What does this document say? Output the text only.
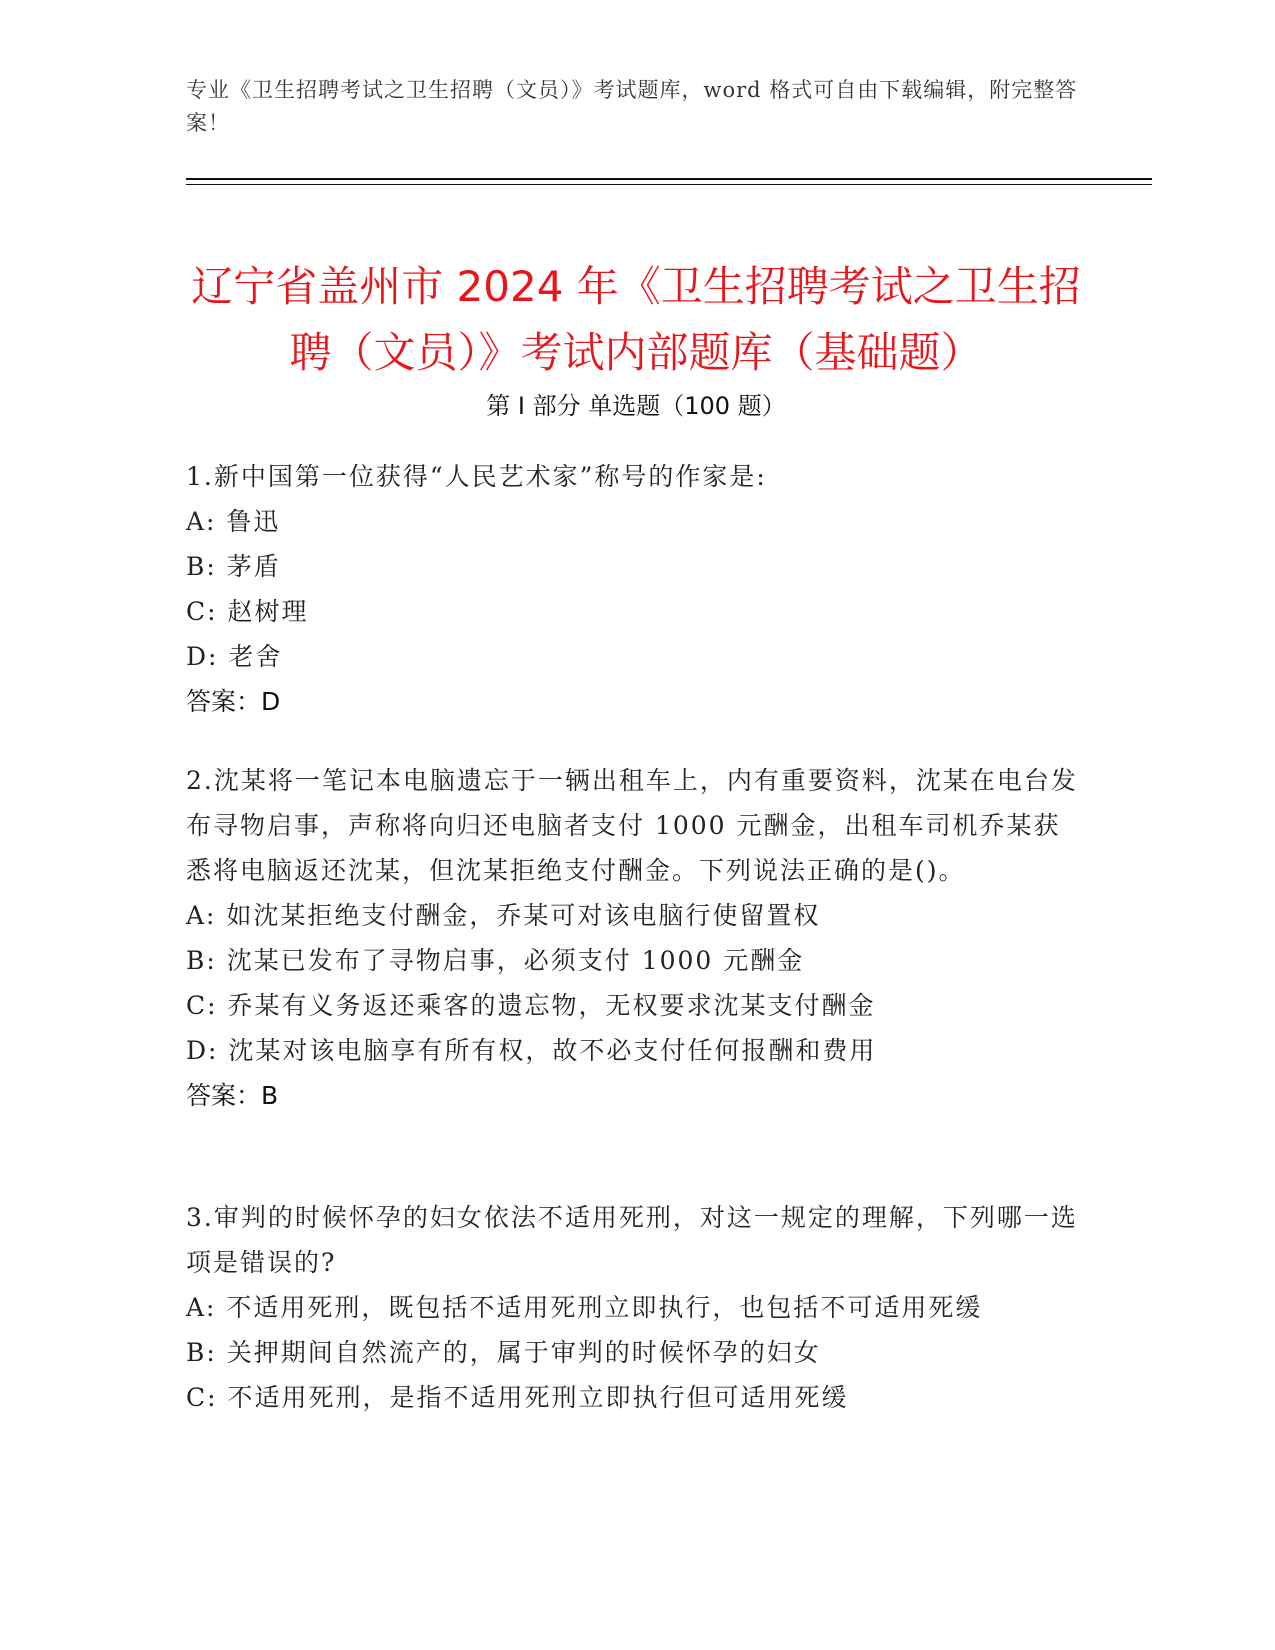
专业《卫生招聘考试之卫生招聘（文员）》考试题库，word 格式可自由下载编辑，附完整答案！
辽宁省盖州市 2024 年《卫生招聘考试之卫生招聘（文员）》考试内部题库（基础题）
第 I 部分 单选题（100 题）

1.新中国第一位获得“人民艺术家”称号的作家是:

A: 鲁迅

B: 茅盾

C: 赵树理

D: 老舍

答案：D

2.沈某将一笔记本电脑遗忘于一辆出租车上，内有重要资料，沈某在电台发布寻物启事，声称将向归还电脑者支付 1000 元酬金，出租车司机乔某获悉将电脑返还沈某，但沈某拒绝支付酬金。下列说法正确的是()。

A: 如沈某拒绝支付酬金，乔某可对该电脑行使留置权

B: 沈某已发布了寻物启事，必须支付 1000 元酬金

C: 乔某有义务返还乘客的遗忘物，无权要求沈某支付酬金

D: 沈某对该电脑享有所有权，故不必支付任何报酬和费用

答案：B

3.审判的时候怀孕的妇女依法不适用死刑，对这一规定的理解，下列哪一选项是错误的?

A: 不适用死刑，既包括不适用死刑立即执行，也包括不可适用死缓

B: 关押期间自然流产的，属于审判的时候怀孕的妇女

C: 不适用死刑，是指不适用死刑立即执行但可适用死缓
